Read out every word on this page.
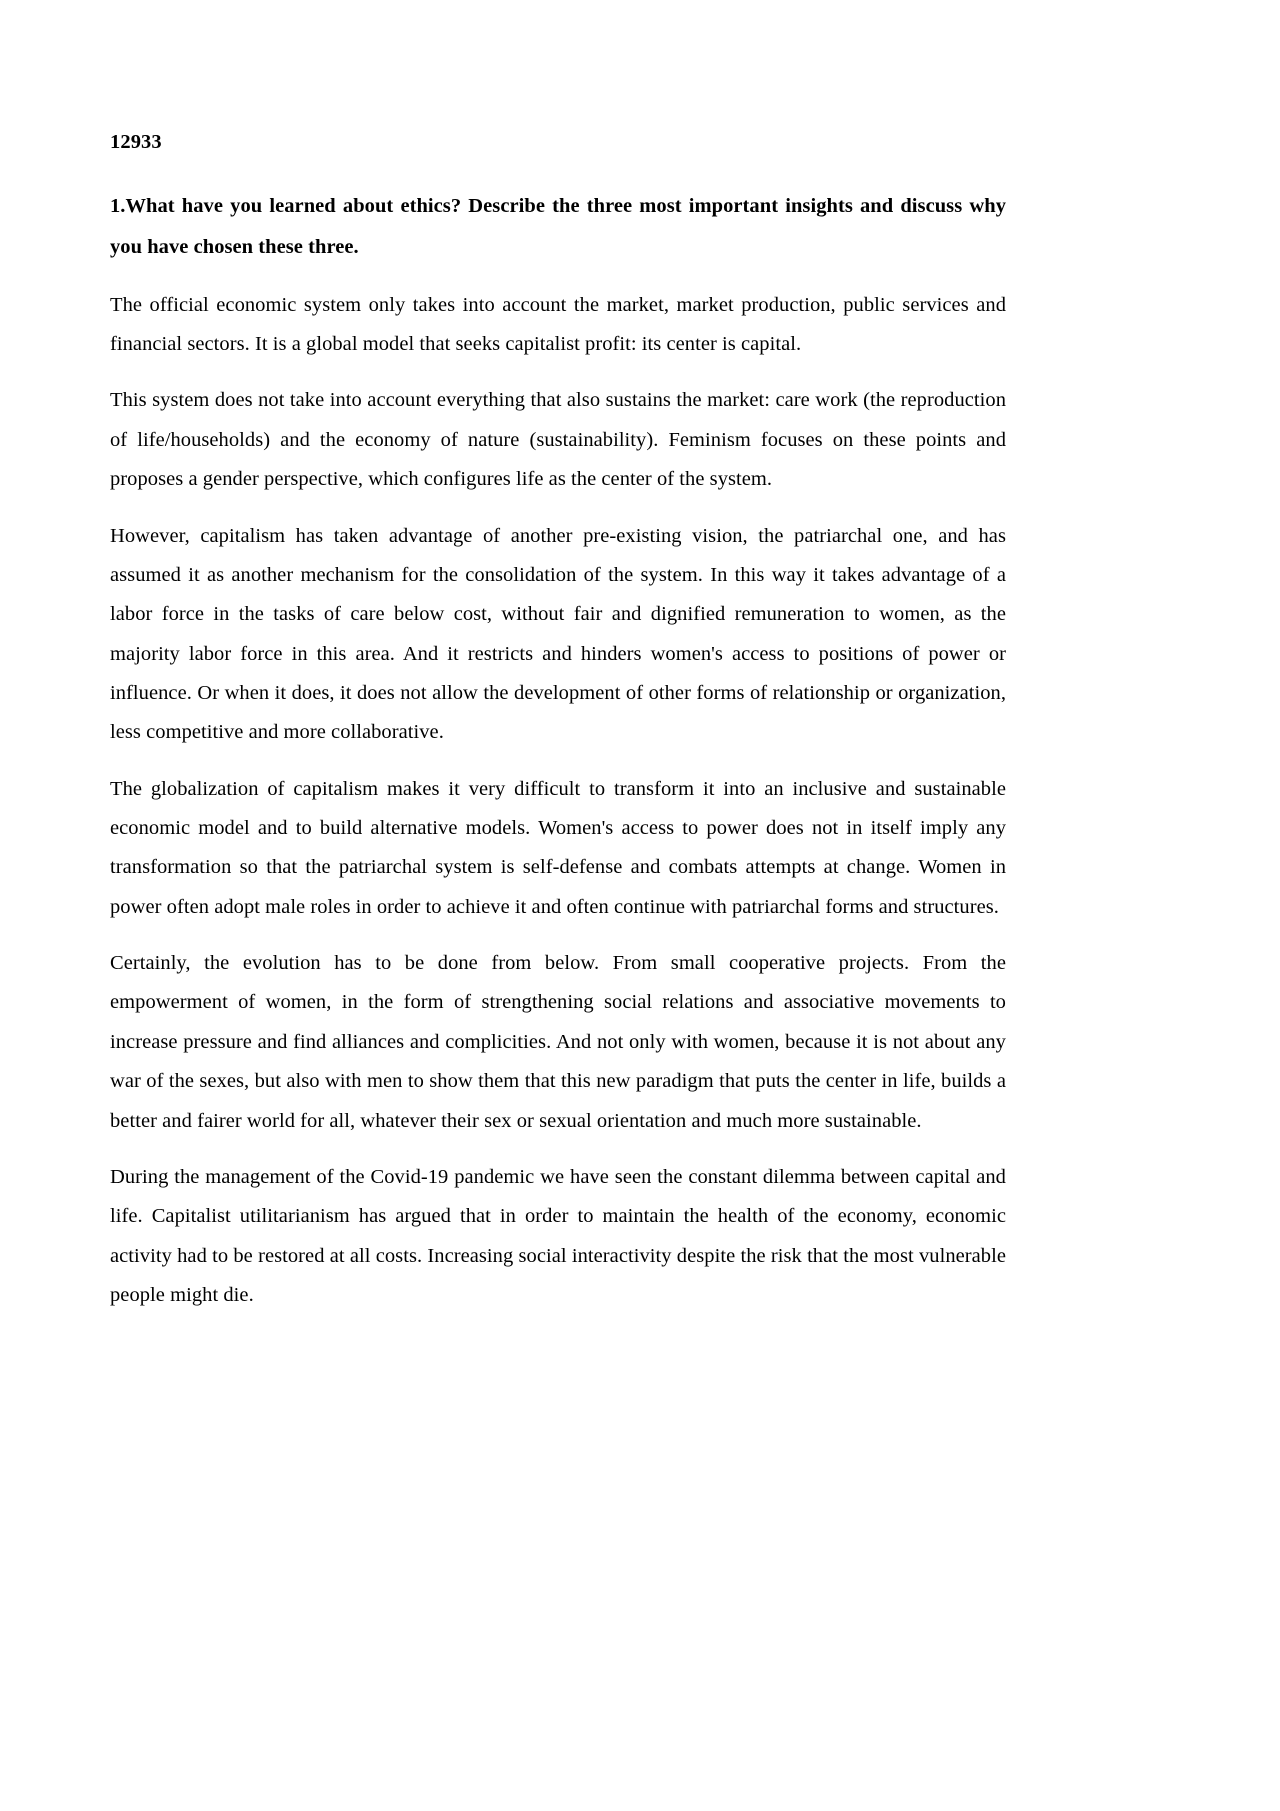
12933
1.What have you learned about ethics? Describe the three most important insights and discuss why you have chosen these three.

The official economic system only takes into account the market, market production, public services and financial sectors. It is a global model that seeks capitalist profit: its center is capital.

This system does not take into account everything that also sustains the market: care work (the reproduction of life/households) and the economy of nature (sustainability). Feminism focuses on these points and proposes a gender perspective, which configures life as the center of the system.

However, capitalism has taken advantage of another pre-existing vision, the patriarchal one, and has assumed it as another mechanism for the consolidation of the system. In this way it takes advantage of a labor force in the tasks of care below cost, without fair and dignified remuneration to women, as the majority labor force in this area. And it restricts and hinders women's access to positions of power or influence. Or when it does, it does not allow the development of other forms of relationship or organization, less competitive and more collaborative.

The globalization of capitalism makes it very difficult to transform it into an inclusive and sustainable economic model and to build alternative models. Women's access to power does not in itself imply any transformation so that the patriarchal system is self-defense and combats attempts at change. Women in power often adopt male roles in order to achieve it and often continue with patriarchal forms and structures.

Certainly, the evolution has to be done from below. From small cooperative projects. From the empowerment of women, in the form of strengthening social relations and associative movements to increase pressure and find alliances and complicities. And not only with women, because it is not about any war of the sexes, but also with men to show them that this new paradigm that puts the center in life, builds a better and fairer world for all, whatever their sex or sexual orientation and much more sustainable.

During the management of the Covid-19 pandemic we have seen the constant dilemma between capital and life. Capitalist utilitarianism has argued that in order to maintain the health of the economy, economic activity had to be restored at all costs. Increasing social interactivity despite the risk that the most vulnerable people might die.
